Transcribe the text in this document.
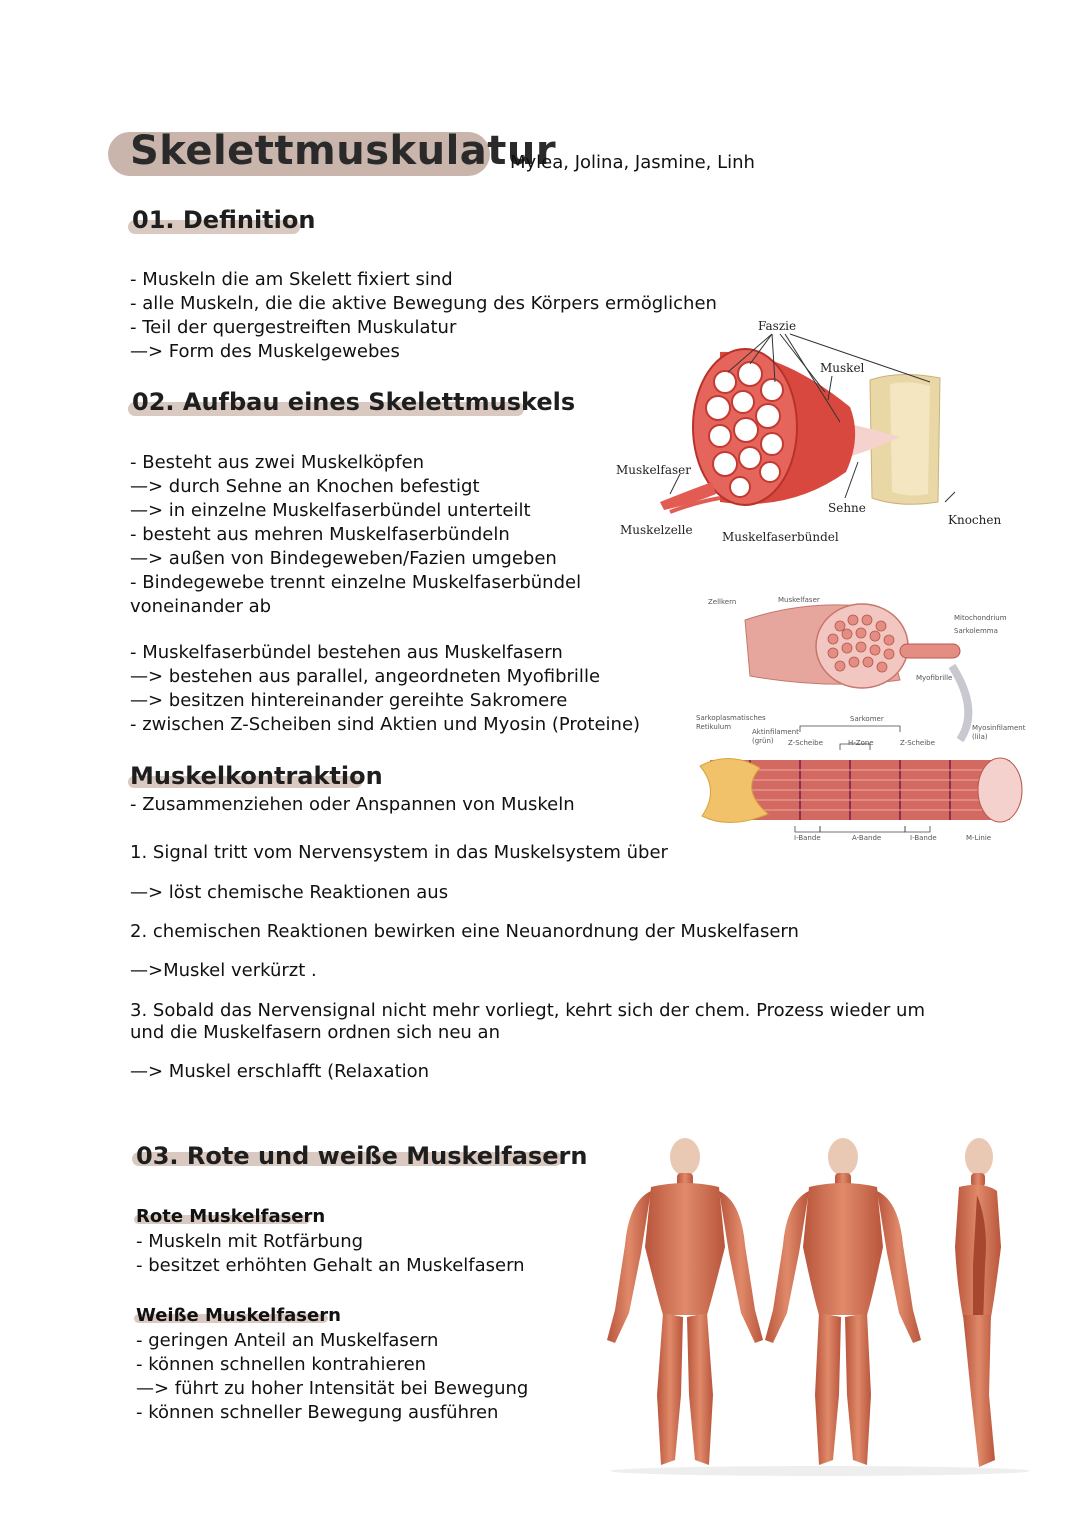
Skelettmuskulatur
Mylea, Jolina, Jasmine, Linh
01. Definition
- Muskeln die am Skelett fixiert sind
- alle Muskeln, die die aktive Bewegung des Körpers ermöglichen
- Teil der quergestreiften Muskulatur
—> Form des Muskelgewebes
02. Aufbau eines Skelettmuskels
- Besteht aus zwei Muskelköpfen
—> durch Sehne an Knochen befestigt
—> in einzelne Muskelfaserbündel unterteilt
- besteht aus mehren Muskelfaserbündeln
—> außen von Bindegeweben/Fazien umgeben
- Bindegewebe trennt einzelne Muskelfaserbündel
voneinander ab
- Muskelfaserbündel bestehen aus Muskelfasern
—> bestehen aus parallel, angeordneten Myofibrille
—> besitzen hintereinander gereihte Sakromere
- zwischen Z-Scheiben sind Aktien und Myosin (Proteine)
Faszie
Muskel
Muskelfaser
Sehne
Knochen
Muskelzelle Muskelfaserbündel
Zellkern	Muskelfaser
Mitochondrium
Sarkolemma
Myofibrille
Sarkoplasmatisches
Retikulum
Aktinfilament
(grün)
Sarkomer
Myosinfilament
(lila)
Z-Scheibe	H-Zone	Z-Scheibe
I-Bande	A-Bande	I-Bande	M-Linie
Muskelkontraktion
- Zusammenziehen oder Anspannen von Muskeln
1. Signal tritt vom Nervensystem in das Muskelsystem über
—> löst chemische Reaktionen aus
2. chemischen Reaktionen bewirken eine Neuanordnung der Muskelfasern
—>Muskel verkürzt .
3. Sobald das Nervensignal nicht mehr vorliegt, kehrt sich der chem. Prozess wieder um
und die Muskelfasern ordnen sich neu an
—> Muskel erschlafft (Relaxation
03. Rote und weiße Muskelfasern
Rote Muskelfasern
- Muskeln mit Rotfärbung
- besitzet erhöhten Gehalt an Muskelfasern
Weiße Muskelfasern
- geringen Anteil an Muskelfasern
- können schnellen kontrahieren
—> führt zu hoher Intensität bei Bewegung
- können schneller Bewegung ausführen
